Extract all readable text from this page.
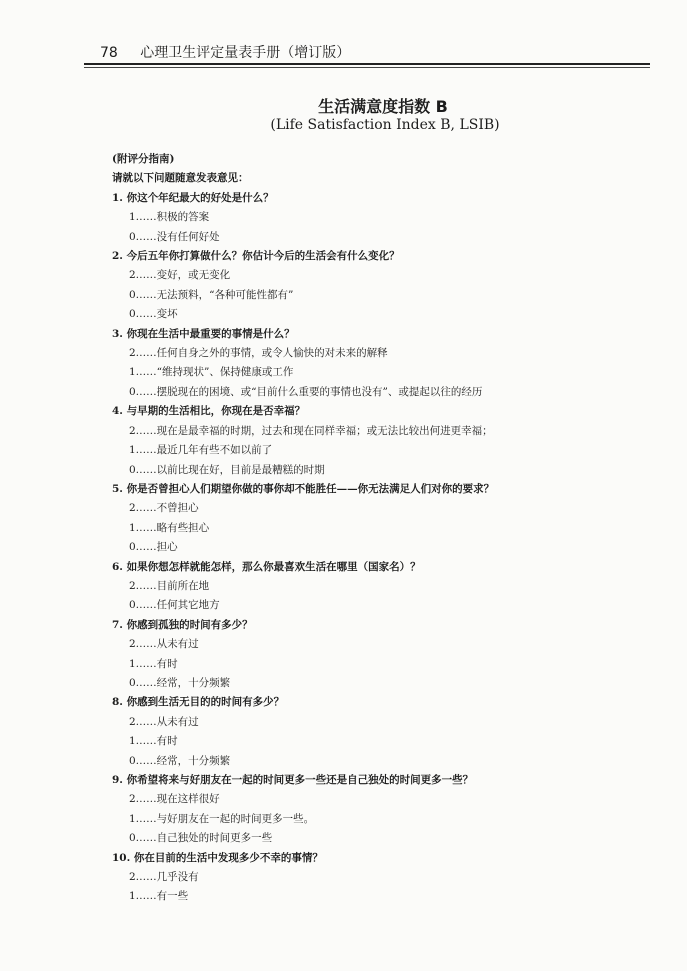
78 心理卫生评定量表手册（增订版）
生活满意度指数 B
(Life Satisfaction Index B, LSIB)
(附评分指南)
请就以下问题随意发表意见：
1. 你这个年纪最大的好处是什么？
1……积极的答案
0……没有任何好处
2. 今后五年你打算做什么？你估计今后的生活会有什么变化？
2……变好，或无变化
0……无法预料，“各种可能性都有”
0……变坏
3. 你现在生活中最重要的事情是什么？
2……任何自身之外的事情，或令人愉快的对未来的解释
1……“维持现状”、保持健康或工作
0……摆脱现在的困境、或“目前什么重要的事情也没有”、或提起以往的经历
4. 与早期的生活相比，你现在是否幸福？
2……现在是最幸福的时期，过去和现在同样幸福；或无法比较出何进更幸福；
1……最近几年有些不如以前了
0……以前比现在好，目前是最糟糕的时期
5. 你是否曾担心人们期望你做的事你却不能胜任——你无法满足人们对你的要求？
2……不曾担心
1……略有些担心
0……担心
6. 如果你想怎样就能怎样，那么你最喜欢生活在哪里（国家名）？
2……目前所在地
0……任何其它地方
7. 你感到孤独的时间有多少？
2……从未有过
1……有时
0……经常，十分频繁
8. 你感到生活无目的的时间有多少？
2……从未有过
1……有时
0……经常，十分频繁
9. 你希望将来与好朋友在一起的时间更多一些还是自己独处的时间更多一些？
2……现在这样很好
1……与好朋友在一起的时间更多一些。
0……自己独处的时间更多一些
10. 你在目前的生活中发现多少不幸的事情？
2……几乎没有
1……有一些
